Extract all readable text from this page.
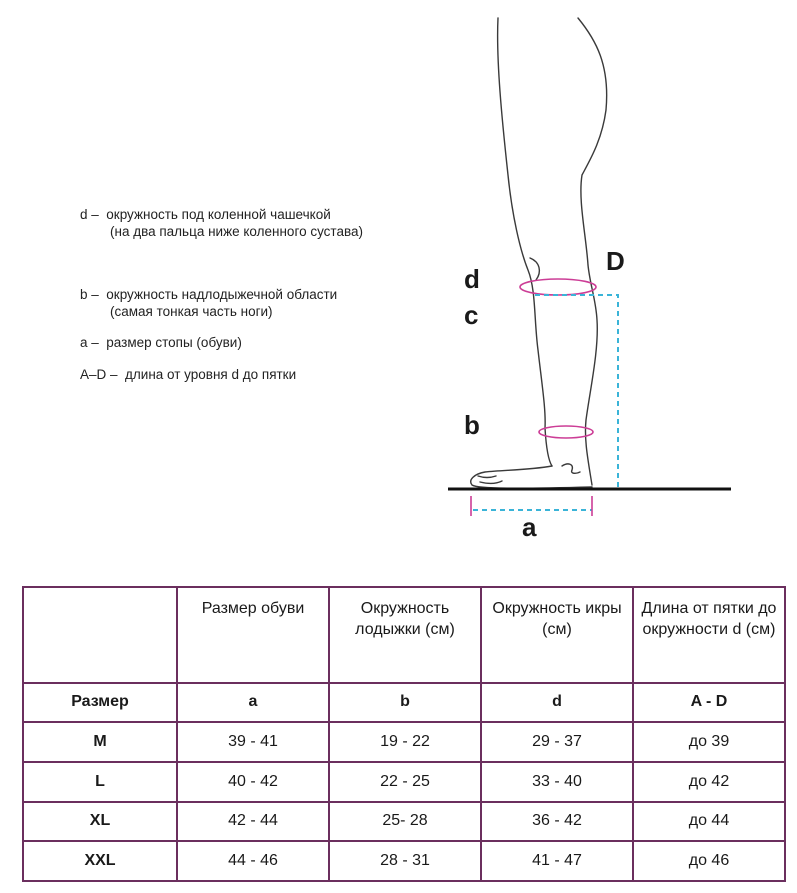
d –  окружность под коленной чашечкой
(на два пальца ниже коленного сустава)
b –  окружность надлодыжечной области
(самая тонкая часть ноги)
a –  размер стопы (обуви)
A–D –  длина от уровня d до пятки
d
c
b
D
a
	Размер обуви	Окружность лодыжки (см)	Окружность икры (см)	Длина от пятки до окружности d (см)
Размер	a	b	d	A - D
M	39 - 41	19 - 22	29 - 37	до 39
L	40 - 42	22 - 25	33 - 40	до 42
XL	42 - 44	25- 28	36 - 42	до 44
XXL	44 - 46	28 - 31	41 - 47	до 46
